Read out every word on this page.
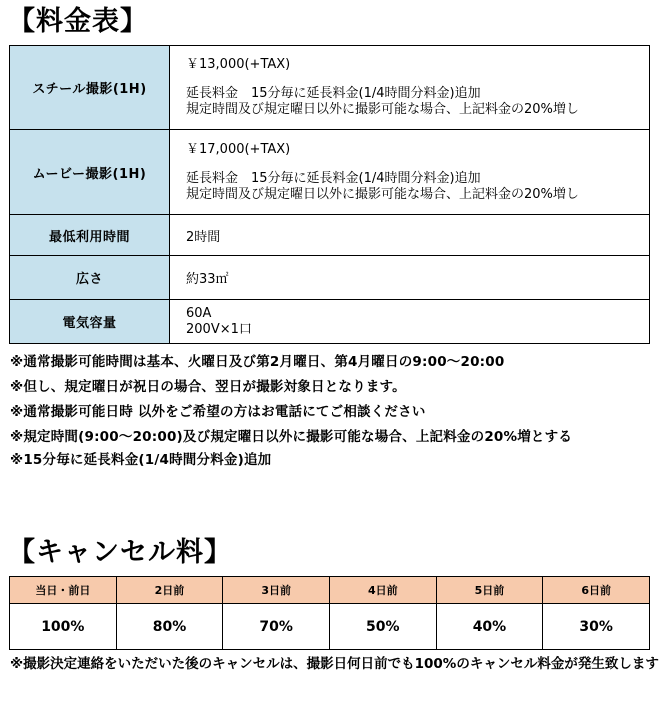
【料金表】
スチール撮影(1H)	￥13,000(+TAX)
延長料金　15分毎に延長料金(1/4時間分料金)追加
規定時間及び規定曜日以外に撮影可能な場合、上記料金の20%増し

ムービー撮影(1H)	￥17,000(+TAX)
延長料金　15分毎に延長料金(1/4時間分料金)追加
規定時間及び規定曜日以外に撮影可能な場合、上記料金の20%増し

最低利用時間	2時間
広さ	約33㎡
電気容量	60A
200V×1口
※通常撮影可能時間は基本、火曜日及び第2月曜日、第4月曜日の9:00～20:00
※但し、規定曜日が祝日の場合、翌日が撮影対象日となります。
※通常撮影可能日時 以外をご希望の方はお電話にてご相談ください
※規定時間(9:00～20:00)及び規定曜日以外に撮影可能な場合、上記料金の20%増とする
※15分毎に延長料金(1/4時間分料金)追加
【キャンセル料】
当日・前日	2日前	3日前	4日前	5日前	6日前
100%	80%	70%	50%	40%	30%
※撮影決定連絡をいただいた後のキャンセルは、撮影日何日前でも100%のキャンセル料金が発生致します
